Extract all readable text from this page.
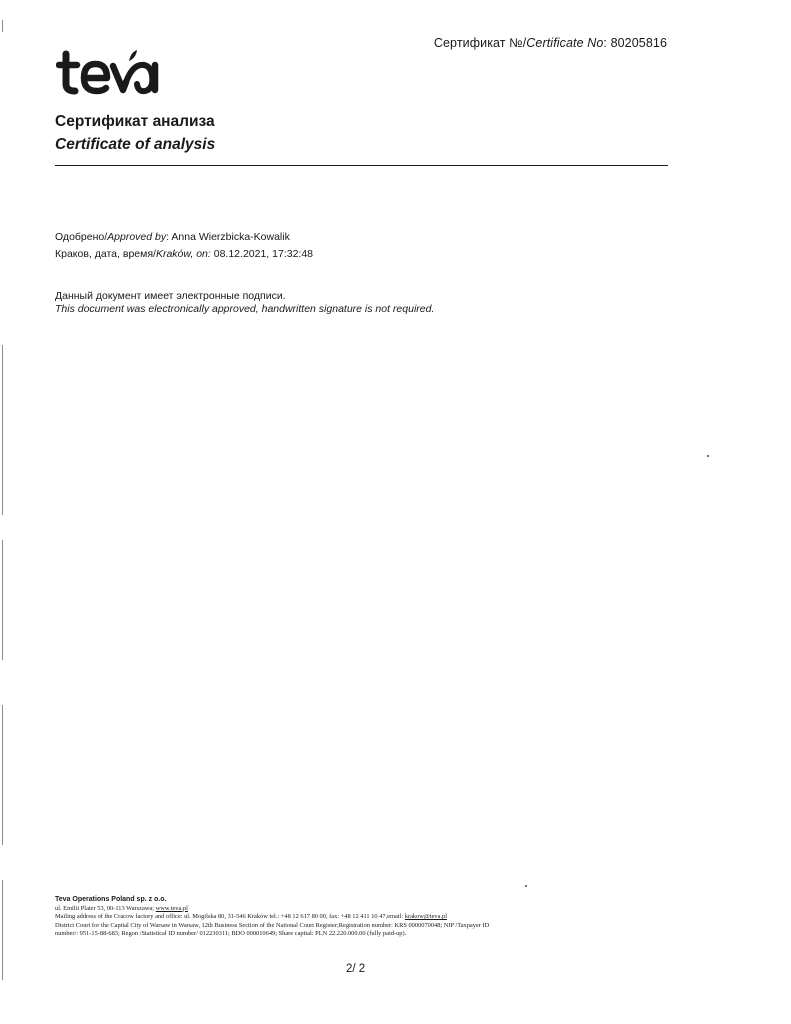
Сертификат №/Certificate No: 80205816
Сертификат анализа
Certificate of analysis
Одобрено/Approved by: Anna Wierzbicka-Kowalik
Краков, дата, время/Kraków, on: 08.12.2021, 17:32:48
Данный документ имеет электронные подписи.
This document was electronically approved, handwritten signature is not required.
Teva Operations Poland sp. z o.o.
ul. Emilii Plater 53, 00-113 Warszawa; www.teva.pl
Mailing address of the Cracow factory and office: ul. Mogilska 80, 31-546 Kraków tel.: +48 12 617 80 00, fax: +48 12 411 10 47,email: krakow@teva.pl
District Court for the Capital City of Warsaw in Warsaw, 12th Business Section of the National Court Register;Registration number: KRS 0000070048; NIP /Taxpayer ID
number/: 951-15-88-683; Regon /Statistical ID number/ 012230311; BDO 000010649; Share capital: PLN 22.220.000.00 (fully paid-up).
2/ 2
